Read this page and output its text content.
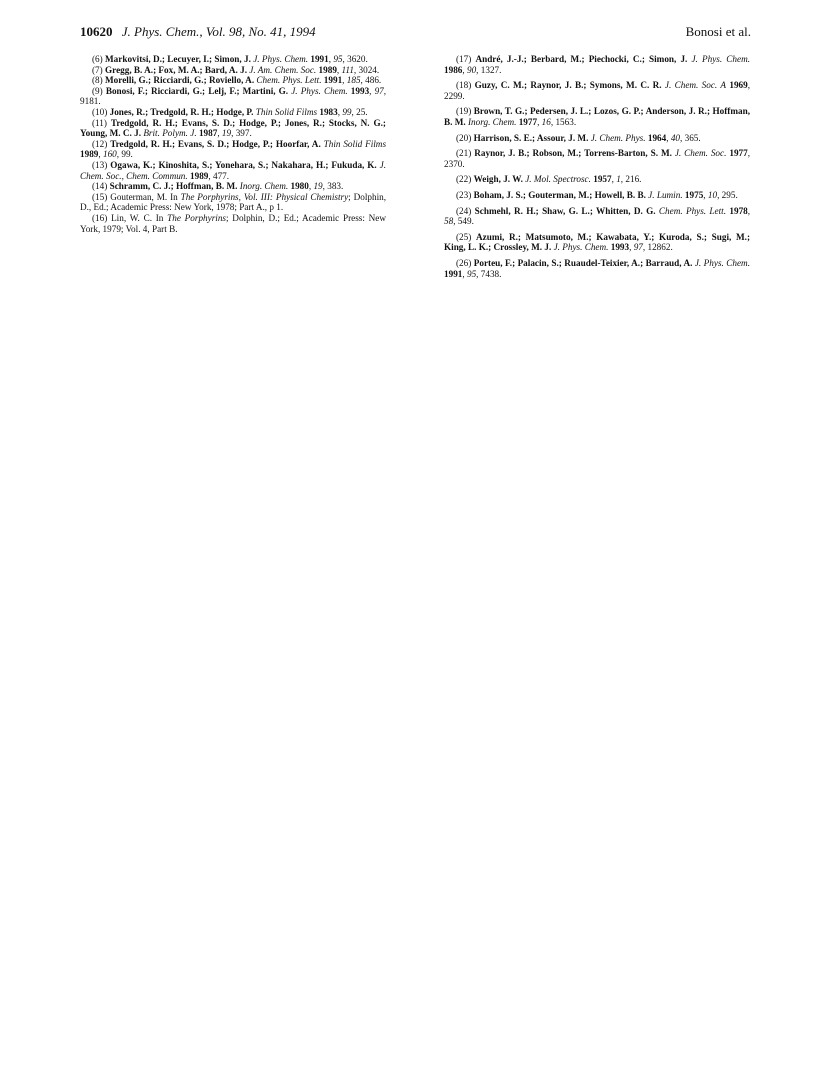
10620 J. Phys. Chem., Vol. 98, No. 41, 1994	Bonosi et al.

(6) Markovitsi, D.; Lecuyer, I.; Simon, J. J. Phys. Chem. 1991, 95, 3620.

(7) Gregg, B. A.; Fox, M. A.; Bard, A. J. J. Am. Chem. Soc. 1989, 111, 3024.

(8) Morelli, G.; Ricciardi, G.; Roviello, A. Chem. Phys. Lett. 1991, 185, 486.

(9) Bonosi, F.; Ricciardi, G.; Lelj, F.; Martini, G. J. Phys. Chem. 1993, 97, 9181.

(10) Jones, R.; Tredgold, R. H.; Hodge, P. Thin Solid Films 1983, 99, 25.

(11) Tredgold, R. H.; Evans, S. D.; Hodge, P.; Jones, R.; Stocks, N. G.; Young, M. C. J. Brit. Polym. J. 1987, 19, 397.

(12) Tredgold, R. H.; Evans, S. D.; Hodge, P.; Hoorfar, A. Thin Solid Films 1989, 160, 99.

(13) Ogawa, K.; Kinoshita, S.; Yonehara, S.; Nakahara, H.; Fukuda, K. J. Chem. Soc., Chem. Commun. 1989, 477.

(14) Schramm, C. J.; Hoffman, B. M. Inorg. Chem. 1980, 19, 383.

(15) Gouterman, M. In The Porphyrins, Vol. III: Physical Chemistry; Dolphin, D., Ed.; Academic Press: New York, 1978; Part A., p 1.

(16) Lin, W. C. In The Porphyrins; Dolphin, D.; Ed.; Academic Press: New York, 1979; Vol. 4, Part B.

(17) André, J.-J.; Berbard, M.; Piechocki, C.; Simon, J. J. Phys. Chem. 1986, 90, 1327.

(18) Guzy, C. M.; Raynor, J. B.; Symons, M. C. R. J. Chem. Soc. A 1969, 2299.

(19) Brown, T. G.; Pedersen, J. L.; Lozos, G. P.; Anderson, J. R.; Hoffman, B. M. Inorg. Chem. 1977, 16, 1563.

(20) Harrison, S. E.; Assour, J. M. J. Chem. Phys. 1964, 40, 365.

(21) Raynor, J. B.; Robson, M.; Torrens-Barton, S. M. J. Chem. Soc. 1977, 2370.

(22) Weigh, J. W. J. Mol. Spectrosc. 1957, 1, 216.

(23) Boham, J. S.; Gouterman, M.; Howell, B. B. J. Lumin. 1975, 10, 295.

(24) Schmehl, R. H.; Shaw, G. L.; Whitten, D. G. Chem. Phys. Lett. 1978, 58, 549.

(25) Azumi, R.; Matsumoto, M.; Kawabata, Y.; Kuroda, S.; Sugi, M.; King, L. K.; Crossley, M. J. J. Phys. Chem. 1993, 97, 12862.

(26) Porteu, F.; Palacin, S.; Ruaudel-Teixier, A.; Barraud, A. J. Phys. Chem. 1991, 95, 7438.
